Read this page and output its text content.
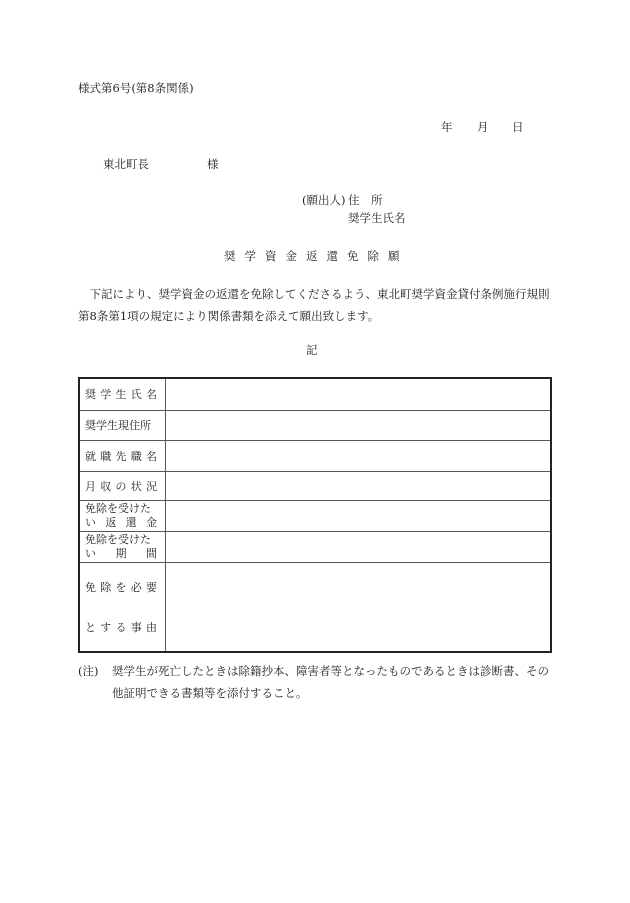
様式第6号(第8条関係)
年 月 日
東北町長	様
(願出人) 住　所
奨学生氏名
奨学資金返還免除願
　下記により、奨学資金の返還を免除してくださるよう、東北町奨学資金貸付条例施行規則第8条第1項の規定により関係書類を添えて願出致します。
記
奨 学 生 氏 名	

奨学生現住所	

就 職 先 職 名	

月 収 の 状 況	

免除を受けた
い 返 還 金	

免除を受けた
い 期 間	

免 除 を 必 要
と す る 事 由

(注)	奨学生が死亡したときは除籍抄本、障害者等となったものであるときは診断書、その他証明できる書類等を添付すること。
